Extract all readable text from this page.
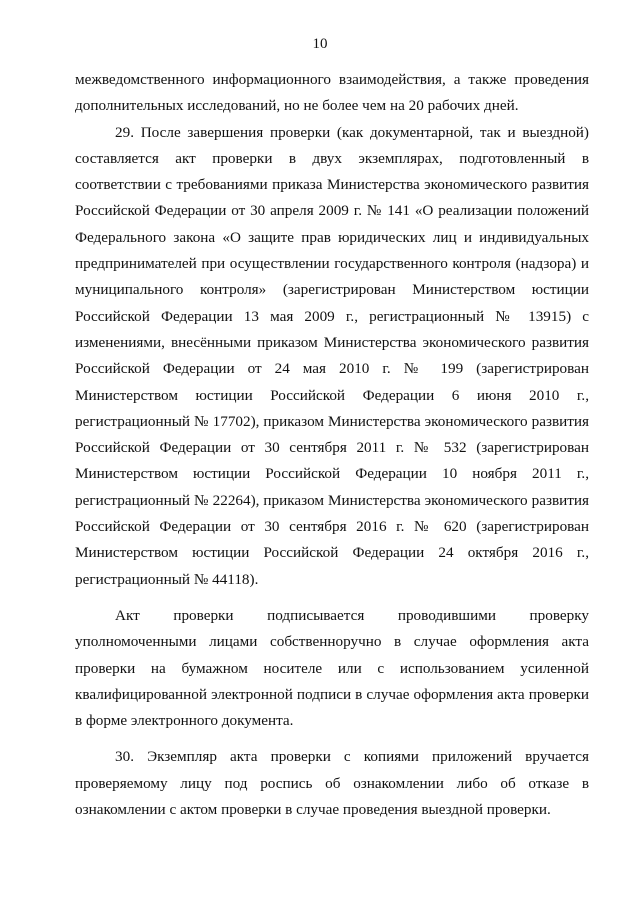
10

межведомственного информационного взаимодействия, а также проведения дополнительных исследований, но не более чем на 20 рабочих дней.

29. После завершения проверки (как документарной, так и выездной) составляется акт проверки в двух экземплярах, подготовленный в соответствии с требованиями приказа Министерства экономического развития Российской Федерации от 30 апреля 2009 г. № 141 «О реализации положений Федерального закона «О защите прав юридических лиц и индивидуальных предпринимателей при осуществлении государственного контроля (надзора) и муниципального контроля» (зарегистрирован Министерством юстиции Российской Федерации 13 мая 2009 г., регистрационный № 13915) с изменениями, внесёнными приказом Министерства экономического развития Российской Федерации от 24 мая 2010 г. № 199 (зарегистрирован Министерством юстиции Российской Федерации 6 июня 2010 г., регистрационный № 17702), приказом Министерства экономического развития Российской Федерации от 30 сентября 2011 г. № 532 (зарегистрирован Министерством юстиции Российской Федерации 10 ноября 2011 г., регистрационный № 22264), приказом Министерства экономического развития Российской Федерации от 30 сентября 2016 г. № 620 (зарегистрирован Министерством юстиции Российской Федерации 24 октября 2016 г., регистрационный № 44118).

Акт проверки подписывается проводившими проверку уполномоченными лицами собственноручно в случае оформления акта проверки на бумажном носителе или с использованием усиленной квалифицированной электронной подписи в случае оформления акта проверки в форме электронного документа.

30. Экземпляр акта проверки с копиями приложений вручается проверяемому лицу под роспись об ознакомлении либо об отказе в ознакомлении с актом проверки в случае проведения выездной проверки.
